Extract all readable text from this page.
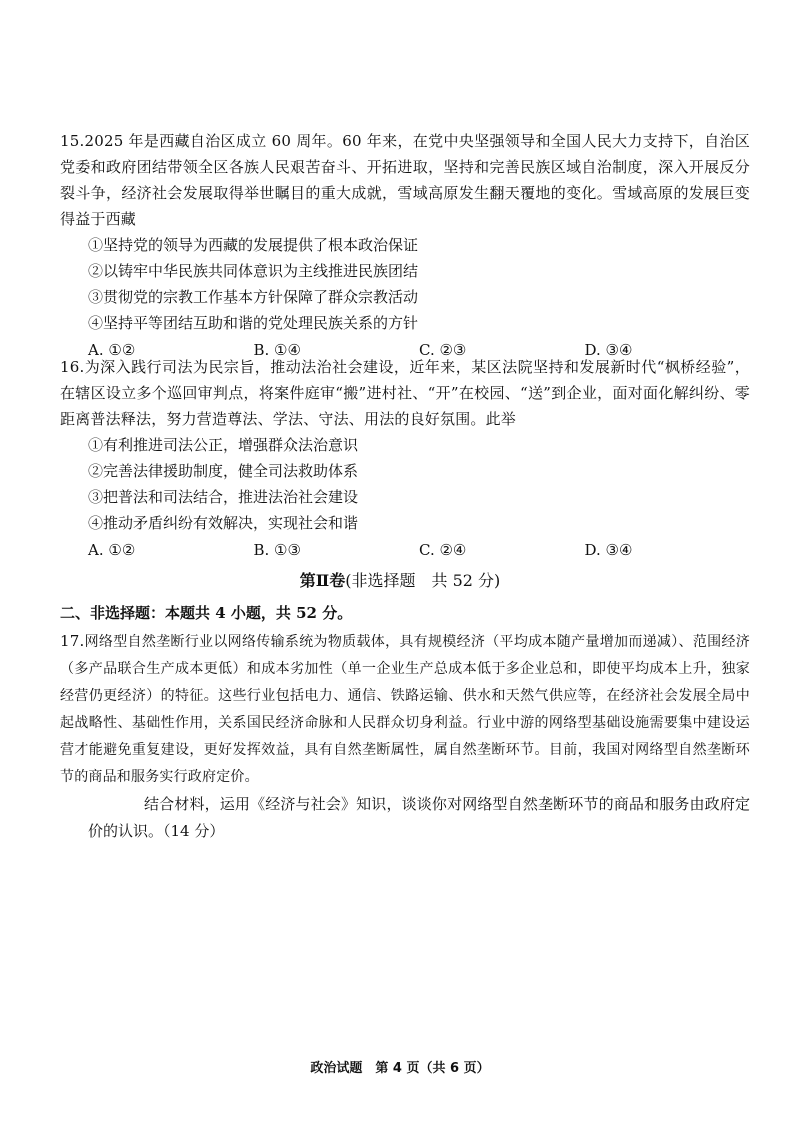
15.2025 年是西藏自治区成立 60 周年。60 年来，在党中央坚强领导和全国人民大力支持下，自治区党委和政府团结带领全区各族人民艰苦奋斗、开拓进取，坚持和完善民族区域自治制度，深入开展反分裂斗争，经济社会发展取得举世瞩目的重大成就，雪域高原发生翻天覆地的变化。雪域高原的发展巨变得益于西藏
①坚持党的领导为西藏的发展提供了根本政治保证
②以铸牢中华民族共同体意识为主线推进民族团结
③贯彻党的宗教工作基本方针保障了群众宗教活动
④坚持平等团结互助和谐的党处理民族关系的方针
A. ①②	B. ①④	C. ②③	D. ③④
16.为深入践行司法为民宗旨，推动法治社会建设，近年来，某区法院坚持和发展新时代“枫桥经验”，在辖区设立多个巡回审判点，将案件庭审“搬”进村社、“开”在校园、“送”到企业，面对面化解纠纷、零距离普法释法，努力营造尊法、学法、守法、用法的良好氛围。此举
①有利推进司法公正，增强群众法治意识
②完善法律援助制度，健全司法救助体系
③把普法和司法结合，推进法治社会建设
④推动矛盾纠纷有效解决，实现社会和谐
A. ①②	B. ①③	C. ②④	D. ③④
第Ⅱ卷(非选择题　共 52 分)
二、非选择题：本题共 4 小题，共 52 分。
17.网络型自然垄断行业以网络传输系统为物质载体，具有规模经济（平均成本随产量增加而递减）、范围经济（多产品联合生产成本更低）和成本劣加性（单一企业生产总成本低于多企业总和，即使平均成本上升，独家经营仍更经济）的特征。这些行业包括电力、通信、铁路运输、供水和天然气供应等，在经济社会发展全局中起战略性、基础性作用，关系国民经济命脉和人民群众切身利益。行业中游的网络型基础设施需要集中建设运营才能避免重复建设，更好发挥效益，具有自然垄断属性，属自然垄断环节。目前，我国对网络型自然垄断环节的商品和服务实行政府定价。
结合材料，运用《经济与社会》知识，谈谈你对网络型自然垄断环节的商品和服务由政府定价的认识。（14 分）
政治试题　第 4 页（共 6 页）
